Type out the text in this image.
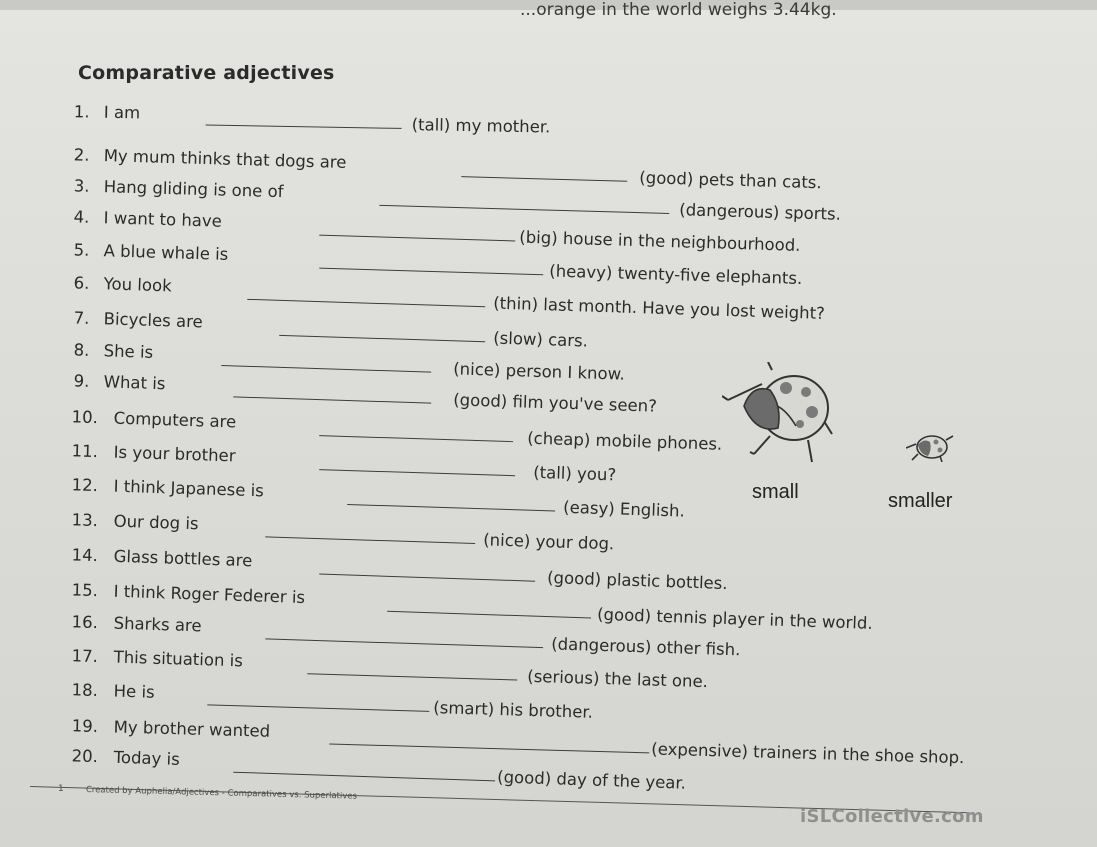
...orange in the world weighs 3.44kg.
Comparative adjectives
1. I am
(tall) my mother.
2. My mum thinks that dogs are
(good) pets than cats.
3. Hang gliding is one of
(dangerous) sports.
4. I want to have
(big) house in the neighbourhood.
5. A blue whale is
(heavy) twenty-five elephants.
6. You look
(thin) last month. Have you lost weight?
7. Bicycles are
(slow) cars.
8. She is
(nice) person I know.
9. What is
(good) film you've seen?
10. Computers are
(cheap) mobile phones.
11. Is your brother
(tall) you?
12. I think Japanese is
(easy) English.
13. Our dog is
(nice) your dog.
14. Glass bottles are
(good) plastic bottles.
15. I think Roger Federer is
(good) tennis player in the world.
16. Sharks are
(dangerous) other fish.
17. This situation is
(serious) the last one.
18. He is
(smart) his brother.
19. My brother wanted
(expensive) trainers in the shoe shop.
20. Today is
(good) day of the year.
small	smaller
1	Created by Auphelia/Adjectives - Comparatives vs. Superlatives
iSLCollective.com
